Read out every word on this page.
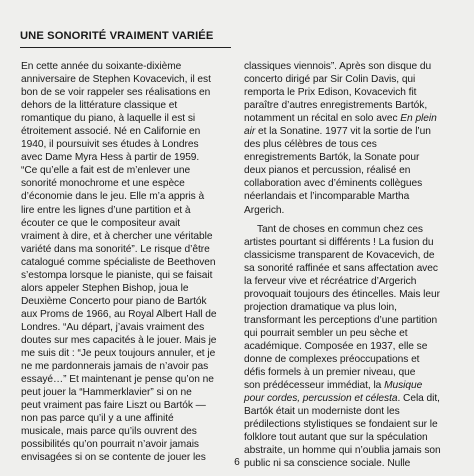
UNE SONORITÉ VRAIMENT VARIÉE
En cette année du soixante-dixième
anniversaire de Stephen Kovacevich, il est
bon de se voir rappeler ses réalisations en
dehors de la littérature classique et
romantique du piano, à laquelle il est si
étroitement associé. Né en Californie en
1940, il poursuivit ses études à Londres
avec Dame Myra Hess à partir de 1959.
“Ce qu’elle a fait est de m’enlever une
sonorité monochrome et une espèce
d’économie dans le jeu. Elle m’a appris à
lire entre les lignes d’une partition et à
écouter ce que le compositeur avait
vraiment à dire, et à chercher une véritable
variété dans ma sonorité”. Le risque d’être
catalogué comme spécialiste de Beethoven
s’estompa lorsque le pianiste, qui se faisait
alors appeler Stephen Bishop, joua le
Deuxième Concerto pour piano de Bartók
aux Proms de 1966, au Royal Albert Hall de
Londres. “Au départ, j’avais vraiment des
doutes sur mes capacités à le jouer. Mais je
me suis dit : “Je peux toujours annuler, et je
ne me pardonnerais jamais de n’avoir pas
essayé…” Et maintenant je pense qu’on ne
peut jouer la “Hammerklavier” si on ne
peut vraiment pas faire Liszt ou Bartók —
non pas parce qu’il y a une affinité
musicale, mais parce qu’ils ouvrent des
possibilités qu’on pourrait n’avoir jamais
envisagées si on se contente de jouer les
classiques viennois”. Après son disque du
concerto dirigé par Sir Colin Davis, qui
remporta le Prix Edison, Kovacevich fit
paraître d’autres enregistrements Bartók,
notamment un récital en solo avec En plein
air et la Sonatine. 1977 vit la sortie de l’un
des plus célèbres de tous ces
enregistrements Bartók, la Sonate pour
deux pianos et percussion, réalisé en
collaboration avec d’éminents collègues
néerlandais et l’incomparable Martha
Argerich.
Tant de choses en commun chez ces
artistes pourtant si différents ! La fusion du
classicisme transparent de Kovacevich, de
sa sonorité raffinée et sans affectation avec
la ferveur vive et récréatrice d’Argerich
provoquait toujours des étincelles. Mais leur
projection dramatique va plus loin,
transformant les perceptions d’une partition
qui pourrait sembler un peu sèche et
académique. Composée en 1937, elle se
donne de complexes préoccupations et
défis formels à un premier niveau, que
son prédécesseur immédiat, la Musique
pour cordes, percussion et célesta. Cela dit,
Bartók était un moderniste dont les
prédilections stylistiques se fondaient sur le
folklore tout autant que sur la spéculation
abstraite, un homme qui n’oublia jamais son
public ni sa conscience sociale. Nulle
6
